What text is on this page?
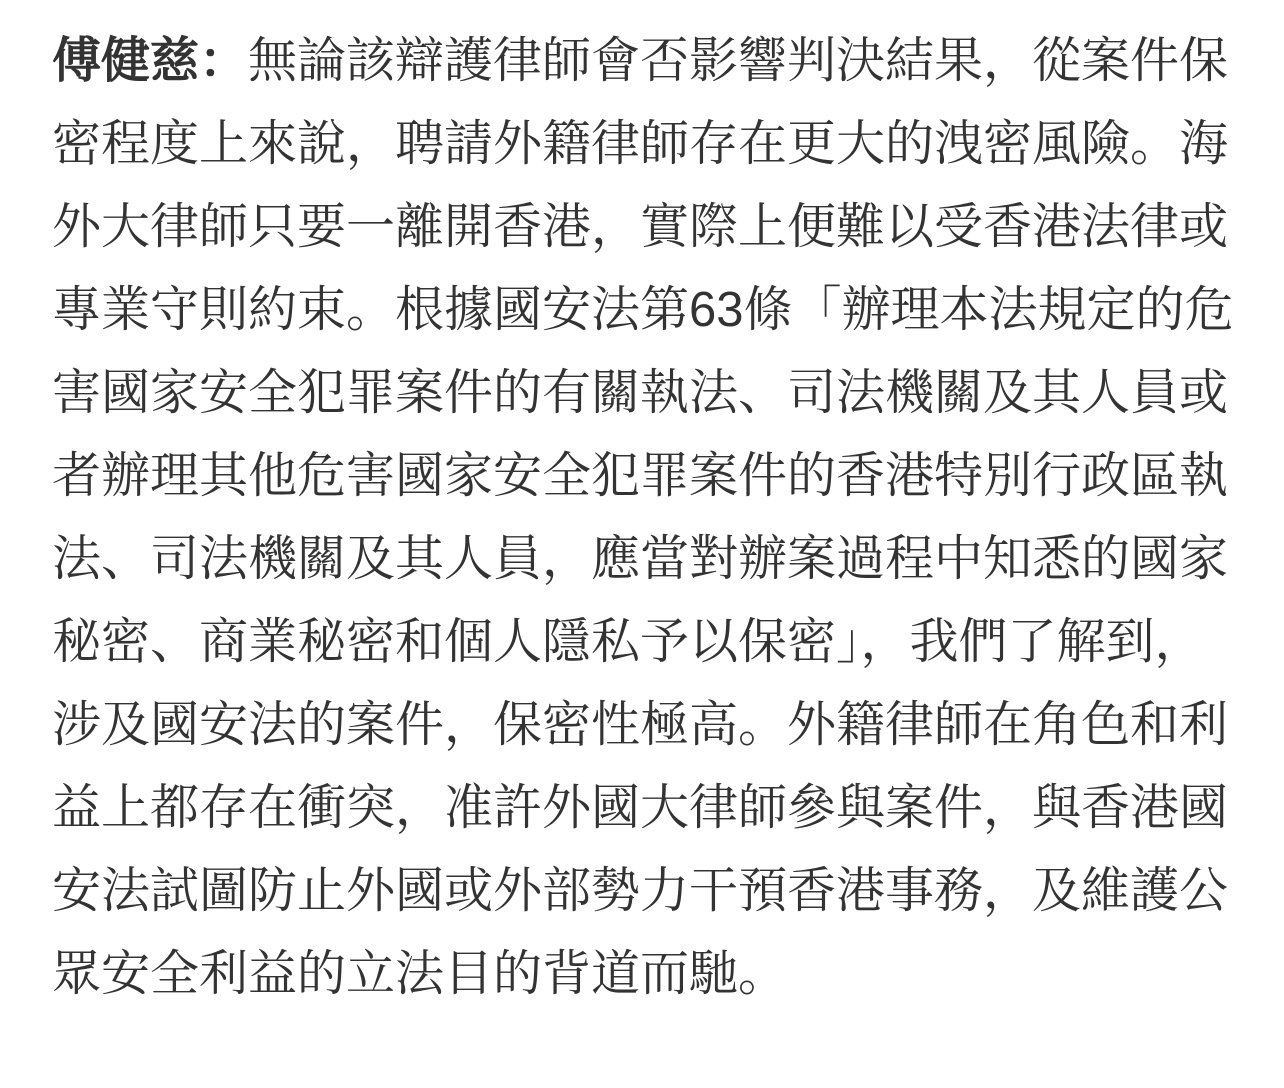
傅健慈：無論該辯護律師會否影響判決結果，從案件保
密程度上來說，聘請外籍律師存在更大的洩密風險。海
外大律師只要一離開香港，實際上便難以受香港法律或
專業守則約束。根據國安法第63條「辦理本法規定的危
害國家安全犯罪案件的有關執法、司法機關及其人員或
者辦理其他危害國家安全犯罪案件的香港特別行政區執
法、司法機關及其人員，應當對辦案過程中知悉的國家
秘密、商業秘密和個人隱私予以保密」，我們了解到，
涉及國安法的案件，保密性極高。外籍律師在角色和利
益上都存在衝突，准許外國大律師參與案件，與香港國
安法試圖防止外國或外部勢力干預香港事務，及維護公
眾安全利益的立法目的背道而馳。
